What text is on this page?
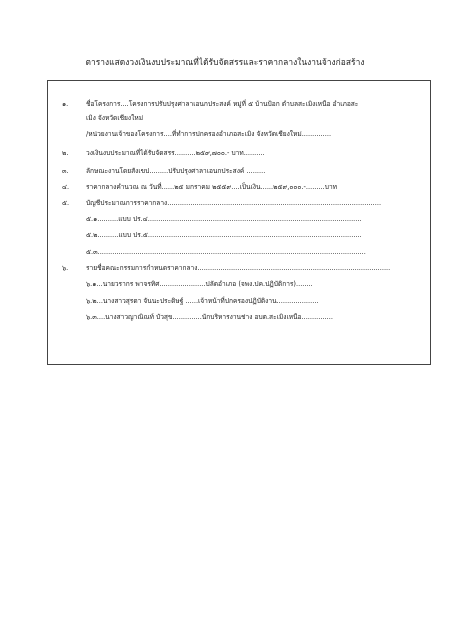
ตารางแสดงวงเงินงบประมาณที่ได้รับจัดสรรและราคากลางในงานจ้างก่อสร้าง
๑.	ชื่อโครงการ....โครงการปรับปรุงศาลาเอนกประสงค์ หมู่ที่ ๕ บ้านป้อก ตำบลสะเมิงเหนือ อำเภอสะ
เมิง จังหวัดเชียงใหม่
/หน่วยงานเจ้าของโครงการ....ที่ทำการปกครองอำเภอสะเมิง จังหวัดเชียงใหม่..............
๒.	วงเงินงบประมาณที่ได้รับจัดสรร..........๒๕๙,๗๐๐.- บาท..........
๓.	ลักษณะงานโดยสังเขป.........ปรับปรุงศาลาเอนกประสงค์ .........
๔.	ราคากลางคำนวณ ณ วันที่......๒๕ มกราคม ๒๕๕๙....เป็นเงิน......๒๕๙,๐๐๐.-.........บาท
๕.	บัญชีประมาณการราคากลาง......................................................................................................
๕.๑..........แบบ ปร.๔......................................................................................................
๕.๒..........แบบ ปร.๕......................................................................................................
๕.๓................................................................................................................................
๖.	รายชื่อคณะกรรมการกำหนดราคากลาง............................................................................................
๖.๑...นายวรากร พาจรทิศ......................ปลัดอำเภอ (จพง.ปค.ปฏิบัติการ)........
๖.๒...นางสาวสุรดา จันนะประดิษฐ์ ......เจ้าหน้าที่ปกครองปฏิบัติงาน....................
๖.๓....นางสาวญาณิณท์ บัวสุข..............นักบริหารงานช่าง อบต.สะเมิงเหนือ...............
